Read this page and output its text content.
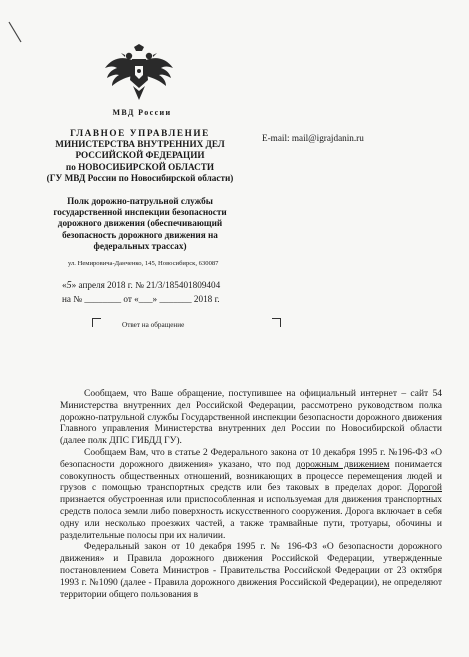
МВД России
ГЛАВНОЕ УПРАВЛЕНИЕ
МИНИСТЕРСТВА ВНУТРЕННИХ ДЕЛ
РОССИЙСКОЙ ФЕДЕРАЦИИ
по НОВОСИБИРСКОЙ ОБЛАСТИ
(ГУ МВД России по Новосибирской области)
E-mail: mail@igrajdanin.ru
Полк дорожно-патрульной службы
государственной инспекции безопасности
дорожного движения (обеспечивающий
безопасность дорожного движения на
федеральных трассах)
ул. Немировича-Данченко, 145, Новосибирск, 630087
«5» апреля 2018 г. № 21/3/185401809404
на № ________ от «___» _______ 2018 г.
Ответ на обращение

Сообщаем, что Ваше обращение, поступившее на официальный интернет – сайт 54 Министерства внутренних дел Российской Федерации, рассмотрено руководством полка дорожно-патрульной службы Государственной инспекции безопасности дорожного движения Главного управления Министерства внутренних дел России по Новосибирской области (далее полк ДПС ГИБДД ГУ).

Сообщаем Вам, что в статье 2 Федерального закона от 10 декабря 1995 г. №196-ФЗ «О безопасности дорожного движения» указано, что под дорожным движением понимается совокупность общественных отношений, возникающих в процессе перемещения людей и грузов с помощью транспортных средств или без таковых в пределах дорог. Дорогой признается обустроенная или приспособленная и используемая для движения транспортных средств полоса земли либо поверхность искусственного сооружения. Дорога включает в себя одну или несколько проезжих частей, а также трамвайные пути, тротуары, обочины и разделительные полосы при их наличии.

Федеральный закон от 10 декабря 1995 г. № 196-ФЗ «О безопасности дорожного движения» и Правила дорожного движения Российской Федерации, утвержденные постановлением Совета Министров - Правительства Российской Федерации от 23 октября 1993 г. №1090 (далее - Правила дорожного движения Российской Федерации), не определяют территории общего пользования в
